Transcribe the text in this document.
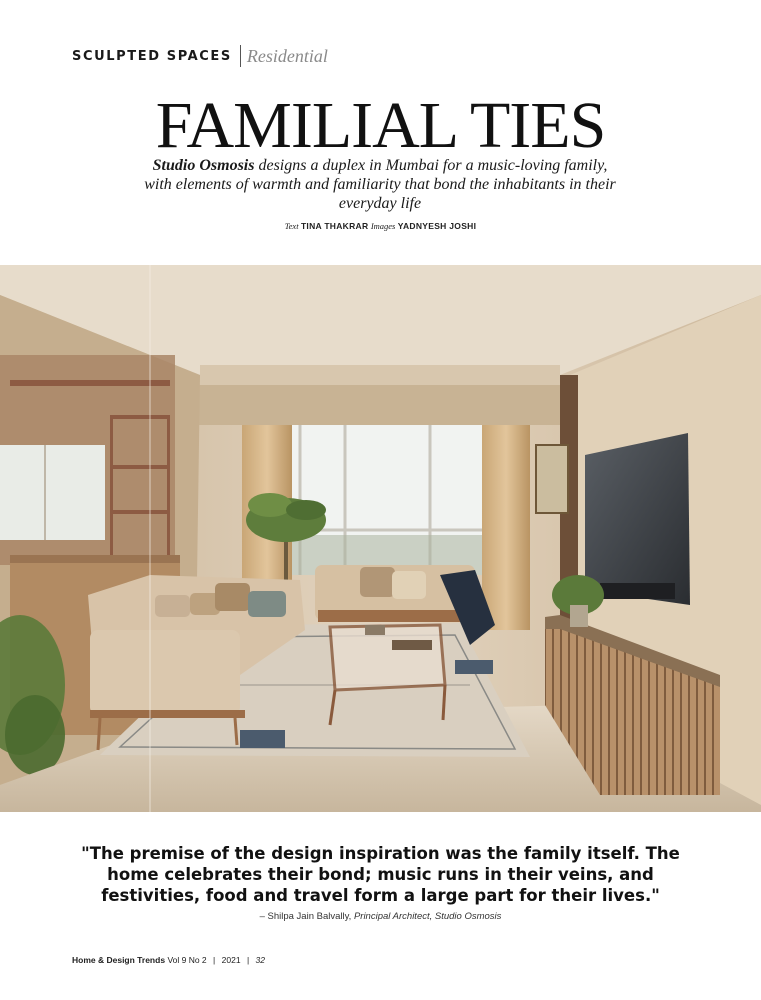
SCULPTED SPACES Residential
FAMILIAL TIES
Studio Osmosis designs a duplex in Mumbai for a music-loving family, with elements of warmth and familiarity that bond the inhabitants in their everyday life
Text TINA THAKRAR Images YADNYESH JOSHI
"The premise of the design inspiration was the family itself. The home celebrates their bond; music runs in their veins, and festivities, food and travel form a large part for their lives."
– Shilpa Jain Balvally, Principal Architect, Studio Osmosis
Home & Design Trends Vol 9 No 2 | 2021 | 32
